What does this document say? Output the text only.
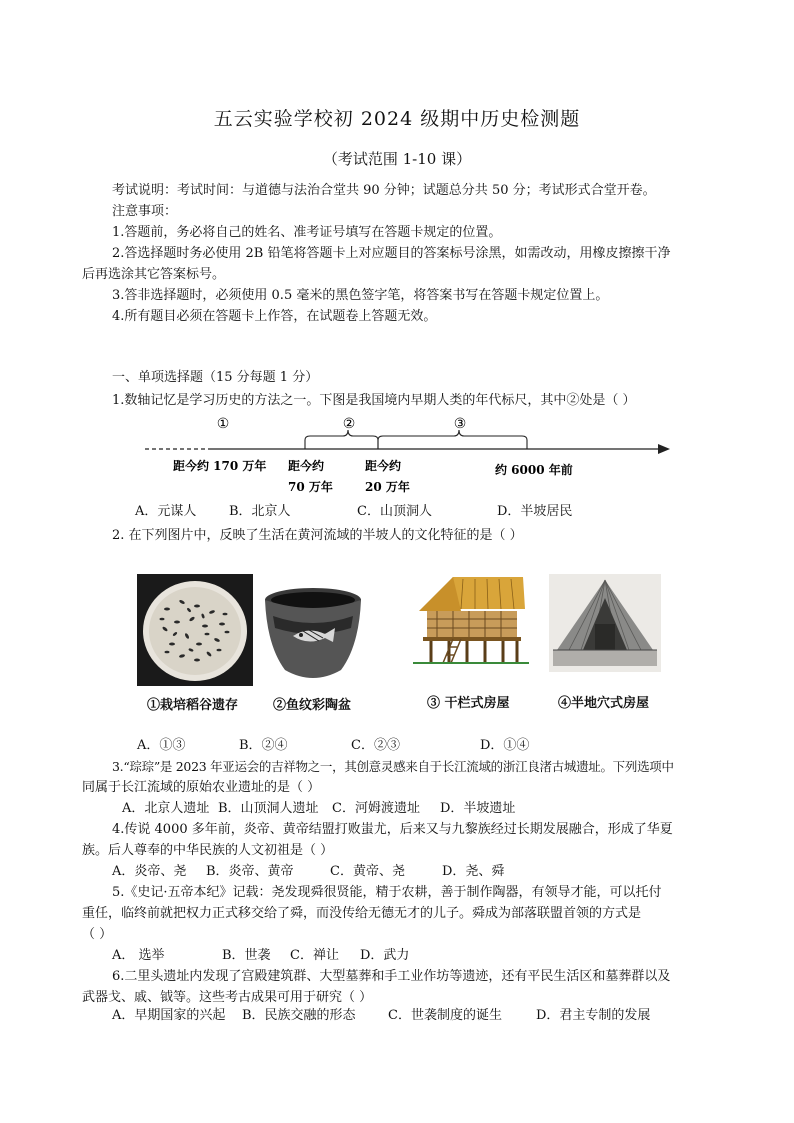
五云实验学校初 2024 级期中历史检测题
（考试范围 1-10 课）
考试说明：考试时间：与道德与法治合堂共 90 分钟；试题总分共 50 分；考试形式合堂开卷。
注意事项：
1.答题前，务必将自己的姓名、准考证号填写在答题卡规定的位置。
2.答选择题时务必使用 2B 铅笔将答题卡上对应题目的答案标号涂黑，如需改动，用橡皮擦擦干净
后再选涂其它答案标号。
3.答非选择题时，必须使用 0.5 毫米的黑色签字笔，将答案书写在答题卡规定位置上。
4.所有题目必须在答题卡上作答，在试题卷上答题无效。
一、单项选择题（15 分每题 1 分）
1.数轴记忆是学习历史的方法之一。下图是我国境内早期人类的年代标尺，其中②处是（ ）
①	②	③
距今约 170 万年 距今约
70 万年
距今约
20 万年
约 6000 年前
A．元谋人	B．北京人	C．山顶洞人	D．半坡居民
2. 在下列图片中，反映了生活在黄河流域的半坡人的文化特征的是（ ）
①栽培稻谷遗存	②鱼纹彩陶盆	③ 干栏式房屋	④半地穴式房屋
A．①③	B．②④	C．②③	D．①④
3.“琮琮”是 2023 年亚运会的吉祥物之一，其创意灵感来自于长江流域的浙江良渚古城遗址。下列选项中
同属于长江流域的原始农业遗址的是（ ）
A．北京人遗址 B．山顶洞人遗址 C．河姆渡遗址 D．半坡遗址
4.传说 4000 多年前，炎帝、黄帝结盟打败蚩尤，后来又与九黎族经过长期发展融合，形成了华夏
族。后人尊奉的中华民族的人文初祖是（ ）
A．炎帝、尧 B．炎帝、黄帝	C．黄帝、尧	D．尧、舜
5.《史记·五帝本纪》记载：尧发现舜很贤能，精于农耕，善于制作陶器，有领导才能，可以托付
重任，临终前就把权力正式移交给了舜，而没传给无德无才的儿子。舜成为部落联盟首领的方式是
（ ）
A． 选举	B．世袭 C．禅让 D．武力
6.二里头遗址内发现了宫殿建筑群、大型墓葬和手工业作坊等遗迹，还有平民生活区和墓葬群以及
武器戈、戚、钺等。这些考古成果可用于研究（ ）
A．早期国家的兴起 B．民族交融的形态 C．世袭制度的诞生	D．君主专制的发展
